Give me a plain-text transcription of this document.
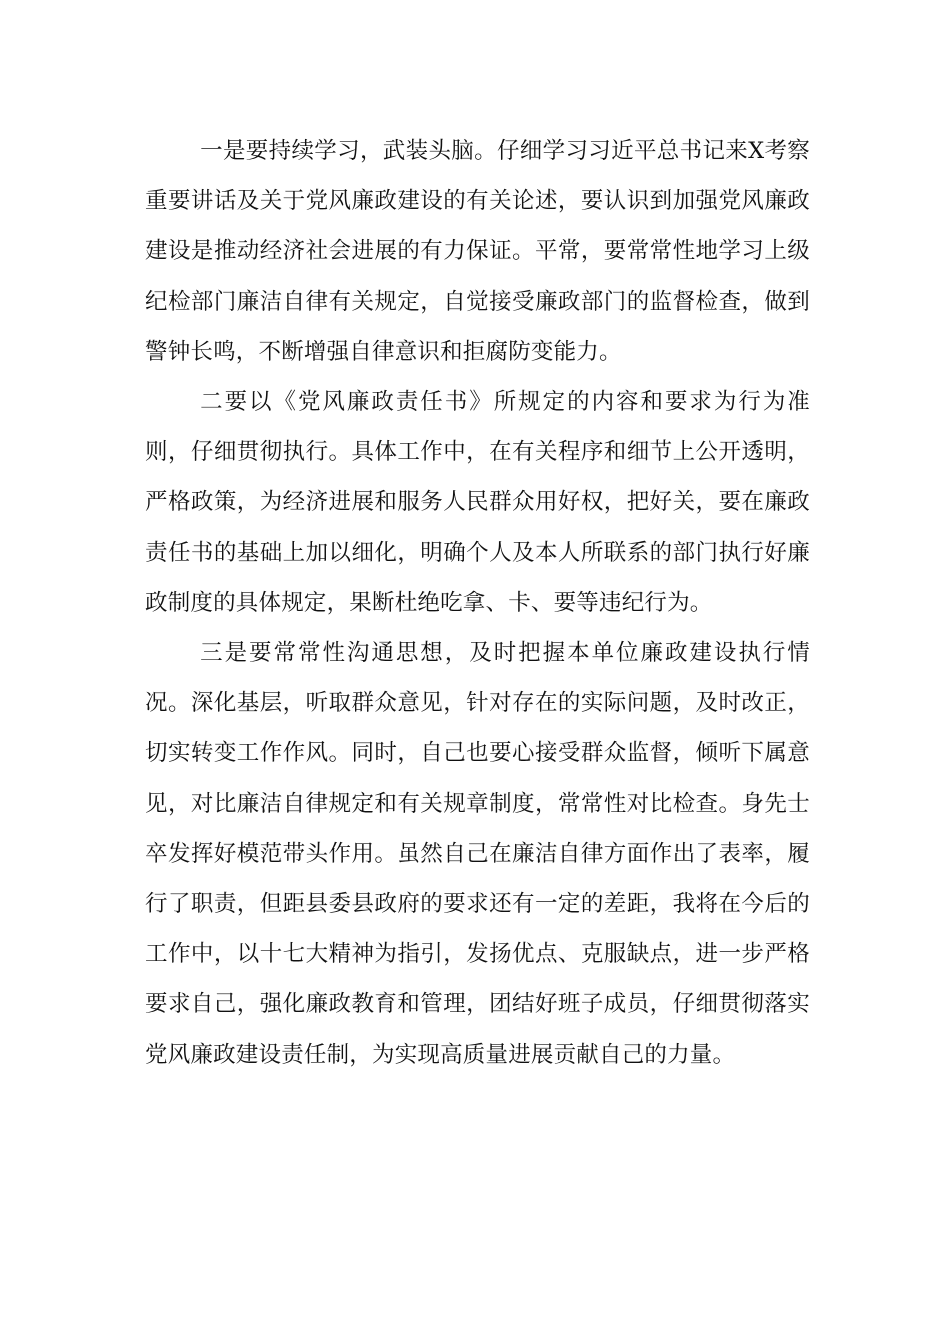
一是要持续学习，武装头脑。仔细学习习近平总书记来X考察重要讲话及关于党风廉政建设的有关论述，要认识到加强党风廉政建设是推动经济社会进展的有力保证。平常，要常常性地学习上级纪检部门廉洁自律有关规定，自觉接受廉政部门的监督检查，做到警钟长鸣，不断增强自律意识和拒腐防变能力。

二要以《党风廉政责任书》所规定的内容和要求为行为准则，仔细贯彻执行。具体工作中，在有关程序和细节上公开透明，严格政策，为经济进展和服务人民群众用好权，把好关，要在廉政责任书的基础上加以细化，明确个人及本人所联系的部门执行好廉政制度的具体规定，果断杜绝吃拿、卡、要等违纪行为。

三是要常常性沟通思想，及时把握本单位廉政建设执行情况。深化基层，听取群众意见，针对存在的实际问题，及时改正，切实转变工作作风。同时，自己也要心接受群众监督，倾听下属意见，对比廉洁自律规定和有关规章制度，常常性对比检查。身先士卒发挥好模范带头作用。虽然自己在廉洁自律方面作出了表率，履行了职责，但距县委县政府的要求还有一定的差距，我将在今后的工作中，以十七大精神为指引，发扬优点、克服缺点，进一步严格要求自己，强化廉政教育和管理，团结好班子成员，仔细贯彻落实党风廉政建设责任制，为实现高质量进展贡献自己的力量。
